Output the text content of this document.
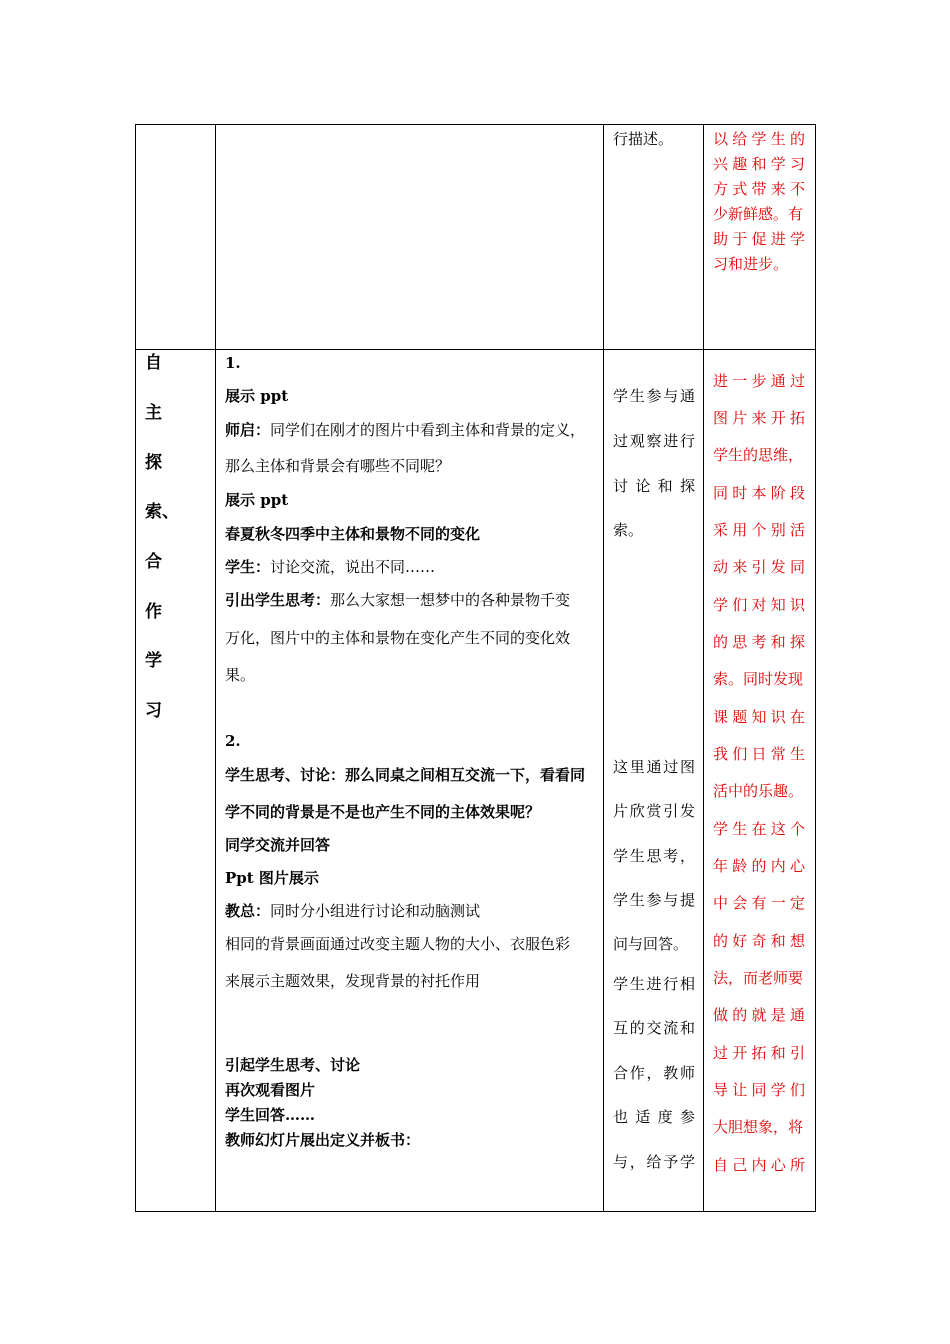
行描述。	以给学生的
兴趣和学习
方式带来不
少新鲜感。有
助于促进学
习和进步。
自
主
探
索、
合
作
学
习
1.
展示 ppt
师启：同学们在刚才的图片中看到主体和背景的定义，
那么主体和背景会有哪些不同呢？
展示 ppt
春夏秋冬四季中主体和景物不同的变化
学生：讨论交流，说出不同……
引出学生思考：那么大家想一想梦中的各种景物千变
万化，图片中的主体和景物在变化产生不同的变化效
果。
2.
学生思考、讨论：那么同桌之间相互交流一下，看看同
学不同的背景是不是也产生不同的主体效果呢？
同学交流并回答
Ppt 图片展示
教总：同时分小组进行讨论和动脑测试
相同的背景画面通过改变主题人物的大小、衣服色彩
来展示主题效果，发现背景的衬托作用
引起学生思考、讨论
再次观看图片
学生回答……
教师幻灯片展出定义并板书：
学生参与通
过观察进行
讨论和探
索。
这里通过图
片欣赏引发
学生思考，
学生参与提
问与回答。
学生进行相
互的交流和
合作，教师
也适度参
与，给予学
进一步通过
图片来开拓
学生的思维，
同时本阶段
采用个别活
动来引发同
学们对知识
的思考和探
索。同时发现
课题知识在
我们日常生
活中的乐趣。
学生在这个
年龄的内心
中会有一定
的好奇和想
法，而老师要
做的就是通
过开拓和引
导让同学们
大胆想象，将
自己内心所
